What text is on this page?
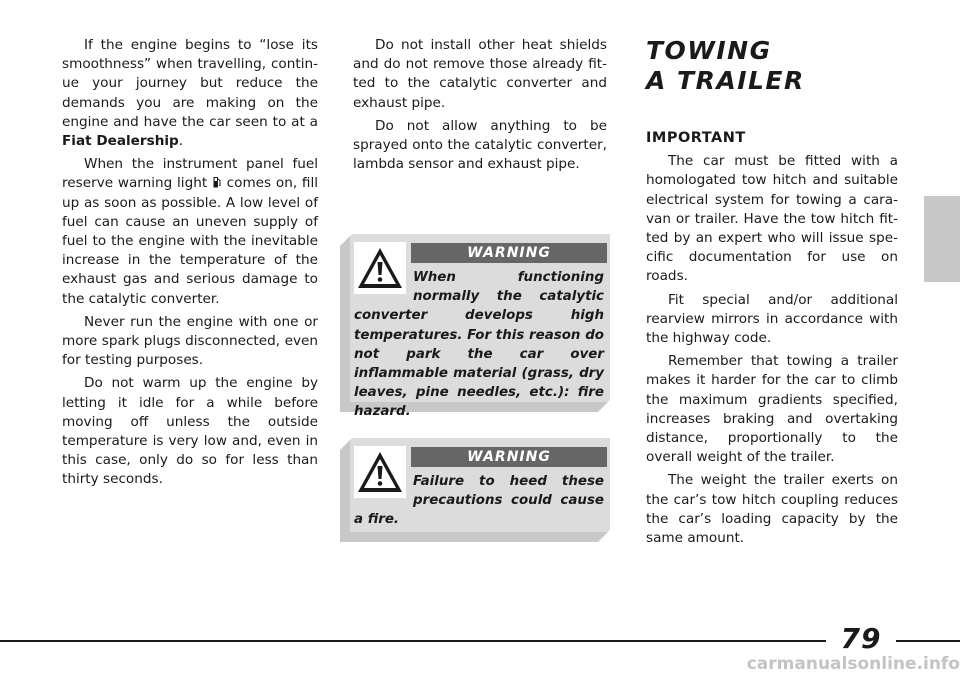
If the engine begins to “lose its smoothness” when travelling, continue your journey but reduce the demands you are making on the engine and have the car seen to at a Fiat Dealership.

When the instrument panel fuel reserve warning light  comes on, fill up as soon as possible. A low level of fuel can cause an uneven supply of fuel to the engine with the inevitable increase in the temperature of the exhaust gas and serious damage to the catalytic converter.

Never run the engine with one or more spark plugs disconnected, even for testing purposes.

Do not warm up the engine by letting it idle for a while before moving off unless the outside temperature is very low and, even in this case, only do so for less than thirty seconds.

Do not install other heat shields and do not remove those already fitted to the catalytic converter and exhaust pipe.

Do not allow anything to be sprayed onto the catalytic converter, lambda sensor and exhaust pipe.

WARNING
When functioning normally the catalytic converter develops high temperatures. For this reason do not park the car over inflammable material (grass, dry leaves, pine needles, etc.): fire hazard.
WARNING
Failure to heed these precautions could cause a fire.
TOWING
A TRAILER
IMPORTANT

The car must be fitted with a homologated tow hitch and suitable electrical system for towing a caravan or trailer. Have the tow hitch fitted by an expert who will issue specific documentation for use on roads.

Fit special and/or additional rearview mirrors in accordance with the highway code.

Remember that towing a trailer makes it harder for the car to climb the maximum gradients specified, increases braking and overtaking distance, proportionally to the overall weight of the trailer.

The weight the trailer exerts on the car’s tow hitch coupling reduces the car’s loading capacity by the same amount.

79
carmanualsonline.info
